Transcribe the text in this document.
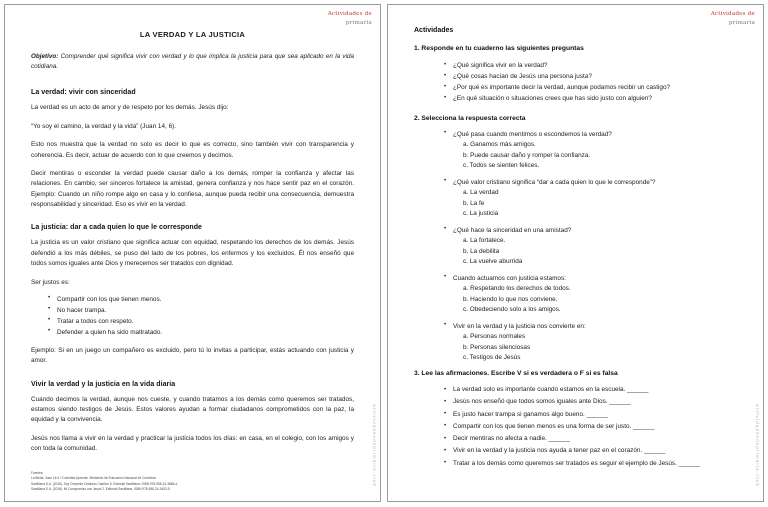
Actividades de
primaria
actividadesdeprimaria.club
LA VERDAD Y LA JUSTICIA

Objetivo: Comprender qué significa vivir con verdad y lo que implica la justicia para que sea aplicado en la vida cotidiana.

La verdad: vivir con sinceridad

La verdad es un acto de amor y de respeto por los demás. Jesús dijo:

“Yo soy el camino, la verdad y la vida” (Juan 14, 6).

Esto nos muestra que la verdad no solo es decir lo que es correcto, sino también vivir con transparencia y coherencia. Es decir, actuar de acuerdo con lo que creemos y decimos.

Decir mentiras o esconder la verdad puede causar daño a los demás, romper la confianza y afectar las relaciones. En cambio, ser sinceros fortalece la amistad, genera confianza y nos hace sentir paz en el corazón. Ejemplo: Cuando un niño rompe algo en casa y lo confiesa, aunque pueda recibir una consecuencia, demuestra responsabilidad y sinceridad. Eso es vivir en la verdad.

La justicia: dar a cada quien lo que le corresponde

La justicia es un valor cristiano que significa actuar con equidad, respetando los derechos de los demás. Jesús defendió a los más débiles, se puso del lado de los pobres, los enfermos y los excluidos. Él nos enseñó que todos somos iguales ante Dios y merecemos ser tratados con dignidad.

Ser justos es:

• Compartir con los que tienen menos.
• No hacer trampa.
• Tratar a todos con respeto.
• Defender a quien ha sido maltratado.

Ejemplo: Si en un juego un compañero es excluido, pero tú lo invitas a participar, estás actuando con justicia y amor.

Vivir la verdad y la justicia en la vida diaria

Cuando decimos la verdad, aunque nos cueste, y cuando tratamos a los demás como queremos ser tratados, estamos siendo testigos de Jesús. Estos valores ayudan a formar ciudadanos comprometidos con la paz, la equidad y la convivencia.

Jesús nos llama a vivir en la verdad y practicar la justicia todos los días: en casa, en el colegio, con los amigos y con toda la comunidad.

Fuentes:
La Biblia: Juan 14:6 / Colombia Aprende. Ministerio de Educación Nacional de Colombia.
Santillana S.A. (2015). Soy Creyente Cristiano Católico 5. Editorial Santillana. ISBN 978-958-24-3886-4.
Santillana S.A. (2018). Mi Compromiso con Jesús 2. Editorial Santillana. ISBN 978-958-24-3453-5.
Actividades de
primaria
actividadesdeprimaria.club
Actividades
1. Responde en tu cuaderno las siguientes preguntas
• ¿Qué significa vivir en la verdad?
• ¿Qué cosas hacían de Jesús una persona justa?
• ¿Por qué es importante decir la verdad, aunque podamos recibir un castigo?
• ¿En qué situación o situaciones crees que has sido justo con alguien?
2. Selecciona la respuesta correcta
• ¿Qué pasa cuando mentimos o escondemos la verdad?
a. Ganamos más amigos.
b. Puede causar daño y romper la confianza.
c. Todos se sienten felices.
• ¿Qué valor cristiano significa “dar a cada quien lo que le corresponde”?
a. La verdad
b. La fe
c. La justicia
• ¿Qué hace la sinceridad en una amistad?
a. La fortalece.
b. La debilita
c. La vuelve aburrida
• Cuando actuamos con justicia estamos:
a. Respetando los derechos de todos.
b. Haciendo lo que nos conviene.
c. Obedeciendo solo a los amigos.
• Vivir en la verdad y la justicia nos convierte en:
a. Personas normales
b. Personas silenciosas
c. Testigos de Jesús
3. Lee las afirmaciones. Escribe V si es verdadera o F si es falsa
• La verdad solo es importante cuando estamos en la escuela. ______
• Jesús nos enseñó que todos somos iguales ante Dios. ______
• Es justo hacer trampa si ganamos algo bueno. ______
• Compartir con los que tienen menos es una forma de ser justo. ______
• Decir mentiras no afecta a nadie. ______
• Vivir en la verdad y la justicia nos ayuda a tener paz en el corazón. ______
• Tratar a los demás como queremos ser tratados es seguir el ejemplo de Jesús. ______
